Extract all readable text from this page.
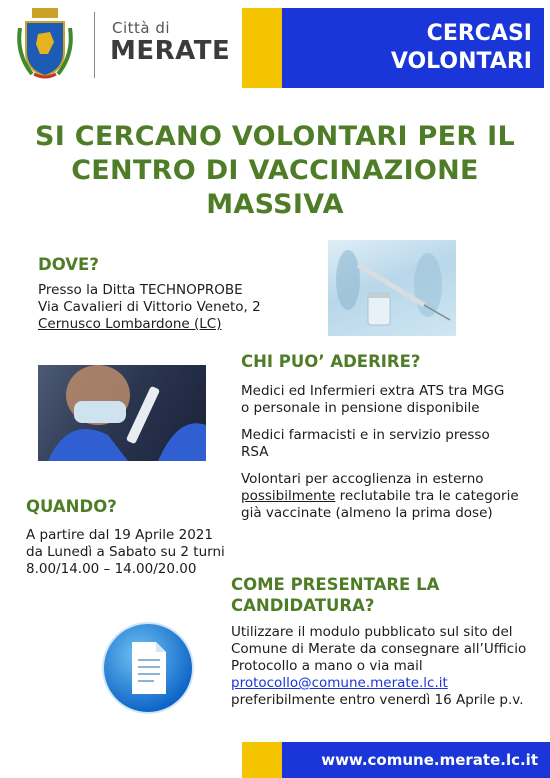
Città di
MERATE
CERCASI
VOLONTARI
SI CERCANO VOLONTARI PER IL
CENTRO DI VACCINAZIONE
MASSIVA
DOVE?
Presso la Ditta TECHNOPROBE
Via Cavalieri di Vittorio Veneto, 2
Cernusco Lombardone (LC)
CHI PUO’ ADERIRE?
Medici ed Infermieri extra ATS tra MGG
o personale in pensione disponibile
Medici farmacisti e in servizio presso
RSA
Volontari per accoglienza in esterno
possibilmente reclutabile tra le categorie
già vaccinate (almeno la prima dose)
QUANDO?
A partire dal 19 Aprile 2021
da Lunedì a Sabato su 2 turni
8.00/14.00 – 14.00/20.00
COME PRESENTARE LA
CANDIDATURA?
Utilizzare il modulo pubblicato sul sito del
Comune di Merate da consegnare all’Ufficio
Protocollo a mano o via mail
protocollo@comune.merate.lc.it
preferibilmente entro venerdì 16 Aprile p.v.
www.comune.merate.lc.it
